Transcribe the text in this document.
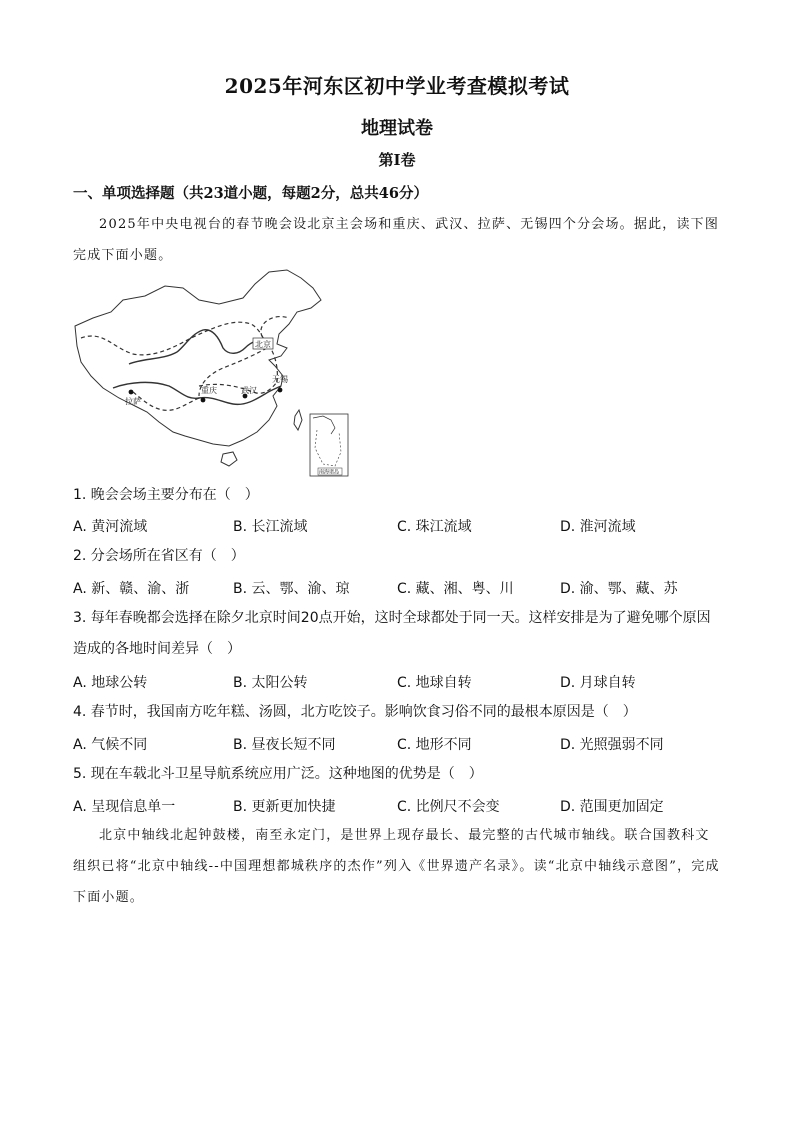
2025年河东区初中学业考查模拟考试
地理试卷
第Ⅰ卷
一、单项选择题（共23道小题，每题2分，总共46分）
2025年中央电视台的春节晚会设北京主会场和重庆、武汉、拉萨、无锡四个分会场。据此，读下图完成下面小题。
北京
无锡
拉萨
重庆	武汉
南海诸岛
1. 晚会会场主要分布在（　）
A. 黄河流域	B. 长江流域	C. 珠江流域	D. 淮河流域
2. 分会场所在省区有（　）
A. 新、赣、渝、浙	B. 云、鄂、渝、琼	C. 藏、湘、粤、川	D. 渝、鄂、藏、苏
3. 每年春晚都会选择在除夕北京时间20点开始，这时全球都处于同一天。这样安排是为了避免哪个原因造成的各地时间差异（　）
A. 地球公转	B. 太阳公转	C. 地球自转	D. 月球自转
4. 春节时，我国南方吃年糕、汤圆，北方吃饺子。影响饮食习俗不同的最根本原因是（　）
A. 气候不同	B. 昼夜长短不同	C. 地形不同	D. 光照强弱不同
5. 现在车载北斗卫星导航系统应用广泛。这种地图的优势是（　）
A. 呈现信息单一	B. 更新更加快捷	C. 比例尺不会变	D. 范围更加固定
北京中轴线北起钟鼓楼，南至永定门，是世界上现存最长、最完整的古代城市轴线。联合国教科文组织已将“北京中轴线--中国理想都城秩序的杰作”列入《世界遗产名录》。读“北京中轴线示意图”，完成下面小题。
